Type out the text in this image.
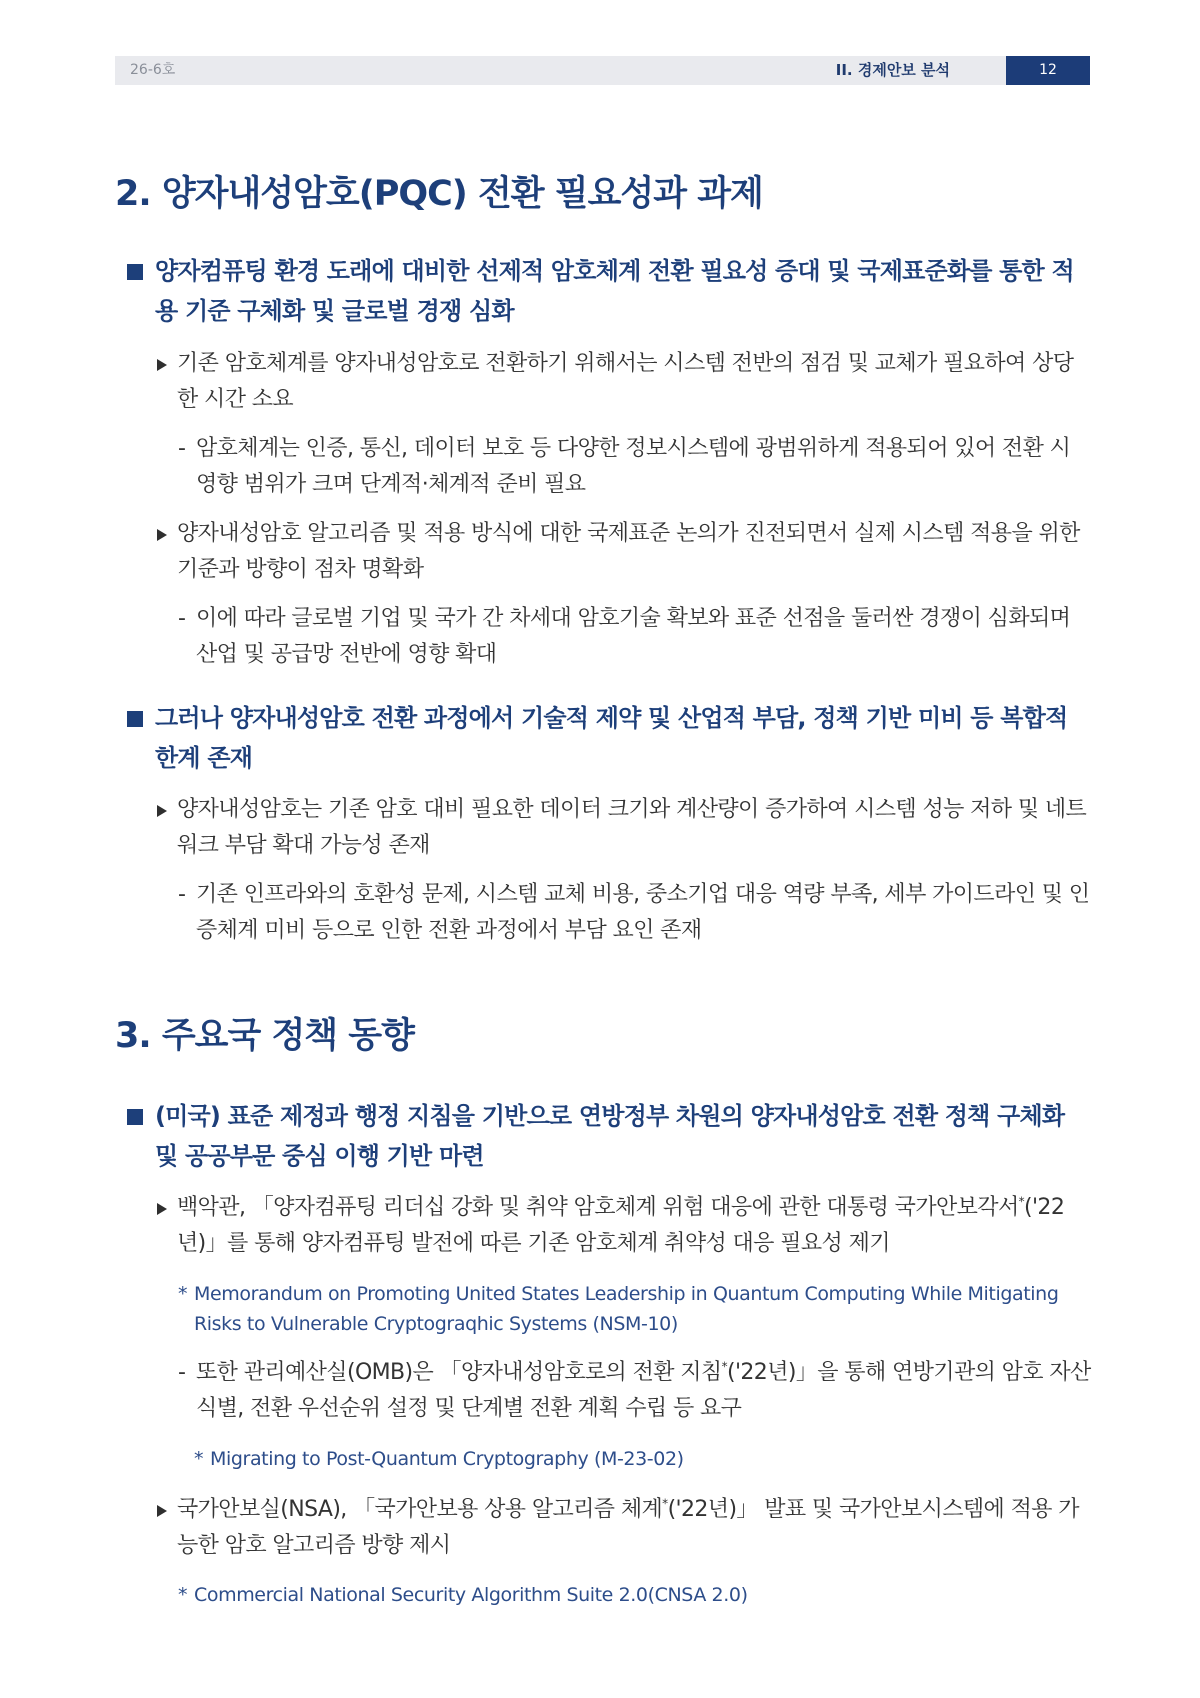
26-6호	II. 경제안보 분석	12
2. 양자내성암호(PQC) 전환 필요성과 과제
양자컴퓨팅 환경 도래에 대비한 선제적 암호체계 전환 필요성 증대 및 국제표준화를 통한 적용 기준 구체화 및 글로벌 경쟁 심화
기존 암호체계를 양자내성암호로 전환하기 위해서는 시스템 전반의 점검 및 교체가 필요하여 상당한 시간 소요
- 암호체계는 인증, 통신, 데이터 보호 등 다양한 정보시스템에 광범위하게 적용되어 있어 전환 시 영향 범위가 크며 단계적·체계적 준비 필요
양자내성암호 알고리즘 및 적용 방식에 대한 국제표준 논의가 진전되면서 실제 시스템 적용을 위한 기준과 방향이 점차 명확화
- 이에 따라 글로벌 기업 및 국가 간 차세대 암호기술 확보와 표준 선점을 둘러싼 경쟁이 심화되며 산업 및 공급망 전반에 영향 확대
그러나 양자내성암호 전환 과정에서 기술적 제약 및 산업적 부담, 정책 기반 미비 등 복합적 한계 존재
양자내성암호는 기존 암호 대비 필요한 데이터 크기와 계산량이 증가하여 시스템 성능 저하 및 네트워크 부담 확대 가능성 존재
- 기존 인프라와의 호환성 문제, 시스템 교체 비용, 중소기업 대응 역량 부족, 세부 가이드라인 및 인증체계 미비 등으로 인한 전환 과정에서 부담 요인 존재
3. 주요국 정책 동향
(미국) 표준 제정과 행정 지침을 기반으로 연방정부 차원의 양자내성암호 전환 정책 구체화 및 공공부문 중심 이행 기반 마련
백악관, 「양자컴퓨팅 리더십 강화 및 취약 암호체계 위험 대응에 관한 대통령 국가안보각서*('22년)」를 통해 양자컴퓨팅 발전에 따른 기존 암호체계 취약성 대응 필요성 제기
* Memorandum on Promoting United States Leadership in Quantum Computing While Mitigating Risks to Vulnerable Cryptograqhic Systems (NSM-10)
- 또한 관리예산실(OMB)은 「양자내성암호로의 전환 지침*('22년)」을 통해 연방기관의 암호 자산 식별, 전환 우선순위 설정 및 단계별 전환 계획 수립 등 요구
* Migrating to Post-Quantum Cryptography (M-23-02)
국가안보실(NSA), 「국가안보용 상용 알고리즘 체계*('22년)」 발표 및 국가안보시스템에 적용 가능한 암호 알고리즘 방향 제시
* Commercial National Security Algorithm Suite 2.0(CNSA 2.0)
